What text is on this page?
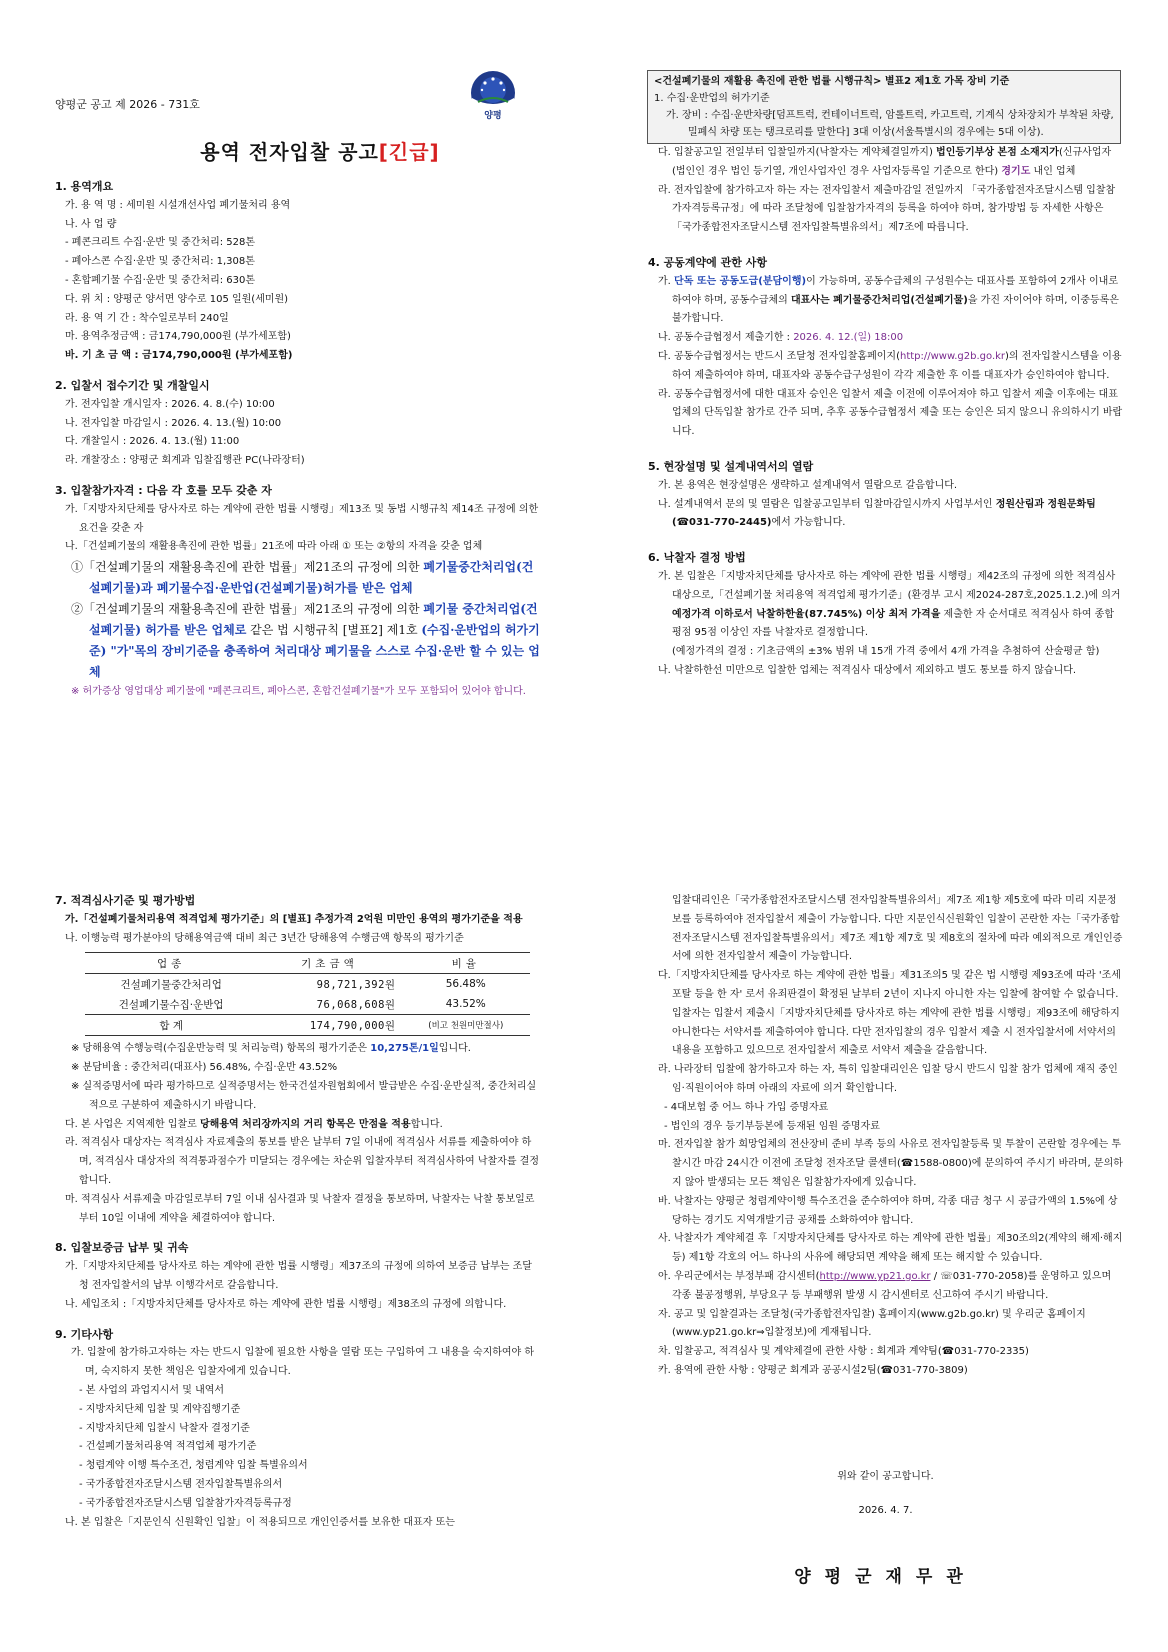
양평
양평군 공고 제 2026 - 731호
용역 전자입찰 공고[긴급]
1. 용역개요
가. 용 역 명 : 세미원 시설개선사업 폐기물처리 용역
나. 사 업 량
- 폐콘크리트 수집·운반 및 중간처리: 528톤
- 폐아스콘 수집·운반 및 중간처리: 1,308톤
- 혼합폐기물 수집·운반 및 중간처리: 630톤
다. 위 치 : 양평군 양서면 양수로 105 일원(세미원)
라. 용 역 기 간 : 착수일로부터 240일
마. 용역추정금액 : 금174,790,000원 (부가세포함)
바. 기 초 금 액 : 금174,790,000원 (부가세포함)
2. 입찰서 접수기간 및 개찰일시
가. 전자입찰 개시일자 : 2026. 4. 8.(수) 10:00
나. 전자입찰 마감일시 : 2026. 4. 13.(월) 10:00
다. 개찰일시 : 2026. 4. 13.(월) 11:00
라. 개찰장소 : 양평군 회계과 입찰집행관 PC(나라장터)
3. 입찰참가자격 : 다음 각 호를 모두 갖춘 자
가.「지방자치단체를 당사자로 하는 계약에 관한 법률 시행령」제13조 및 동법 시행규칙 제14조 규정에 의한 요건을 갖춘 자
나.「건설폐기물의 재활용촉진에 관한 법률」21조에 따라 아래 ① 또는 ②항의 자격을 갖춘 업체
①「건설폐기물의 재활용촉진에 관한 법률」제21조의 규정에 의한 폐기물중간처리업(건설폐기물)과 폐기물수집·운반업(건설폐기물)허가를 받은 업체
②「건설폐기물의 재활용촉진에 관한 법률」제21조의 규정에 의한 폐기물 중간처리업(건설폐기물) 허가를 받은 업체로 같은 법 시행규칙 [별표2] 제1호 (수집·운반업의 허가기준) "가"목의 장비기준을 충족하여 처리대상 폐기물을 스스로 수집·운반 할 수 있는 업체
※ 허가증상 영업대상 폐기물에 "폐콘크리트, 폐아스콘, 혼합건설폐기물"가 모두 포함되어 있어야 합니다.
<건설폐기물의 재활용 촉진에 관한 법률 시행규칙> 별표2 제1호 가목 장비 기준
1. 수집·운반업의 허가기준
가. 장비 : 수집·운반차량[덤프트럭, 컨테이너트럭, 암롤트럭, 카고트럭, 기계식 상차장치가 부착된 차량, 밀폐식 차량 또는 탱크로리를 말한다] 3대 이상(서울특별시의 경우에는 5대 이상).
다. 입찰공고일 전일부터 입찰일까지(낙찰자는 계약체결일까지) 법인등기부상 본점 소재지가(신규사업자(법인인 경우 법인 등기열, 개인사업자인 경우 사업자등록일 기준으로 한다) 경기도 내인 업체
라. 전자입찰에 참가하고자 하는 자는 전자입찰서 제출마감일 전일까지 「국가종합전자조달시스템 입찰참가자격등록규정」에 따라 조달청에 입찰참가자격의 등록을 하여야 하며, 참가방법 등 자세한 사항은 「국가종합전자조달시스템 전자입찰특별유의서」제7조에 따릅니다.
4. 공동계약에 관한 사항
가. 단독 또는 공동도급(분담이행)이 가능하며, 공동수급체의 구성원수는 대표사를 포함하여 2개사 이내로 하여야 하며, 공동수급체의 대표사는 폐기물중간처리업(건설폐기물)을 가진 자이어야 하며, 이중등록은 불가합니다.
나. 공동수급협정서 제출기한 : 2026. 4. 12.(일) 18:00
다. 공동수급협정서는 반드시 조달청 전자입찰홈페이지(http://www.g2b.go.kr)의 전자입찰시스템을 이용하여 제출하여야 하며, 대표자와 공동수급구성원이 각각 제출한 후 이를 대표자가 승인하여야 합니다.
라. 공동수급협정서에 대한 대표자 승인은 입찰서 제출 이전에 이루어져야 하고 입찰서 제출 이후에는 대표업체의 단독입찰 참가로 간주 되며, 추후 공동수급협정서 제출 또는 승인은 되지 않으니 유의하시기 바랍니다.
5. 현장설명 및 설계내역서의 열람
가. 본 용역은 현장설명은 생략하고 설계내역서 열람으로 갈음합니다.
나. 설계내역서 문의 및 열람은 입찰공고일부터 입찰마감일시까지 사업부서인 정원산림과 정원문화팀(☎031-770-2445)에서 가능합니다.
6. 낙찰자 결정 방법
가. 본 입찰은「지방자치단체를 당사자로 하는 계약에 관한 법률 시행령」제42조의 규정에 의한 적격심사 대상으로,「건설폐기물 처리용역 적격업체 평가기준」(환경부 고시 제2024-287호,2025.1.2.)에 의거 예정가격 이하로서 낙찰하한율(87.745%) 이상 최저 가격을 제출한 자 순서대로 적격심사 하여 종합평점 95점 이상인 자를 낙찰자로 결정합니다.
(예정가격의 결정 : 기초금액의 ±3% 범위 내 15개 가격 중에서 4개 가격을 추첨하여 산술평균 함)
나. 낙찰하한선 미만으로 입찰한 업체는 적격심사 대상에서 제외하고 별도 통보를 하지 않습니다.
7. 적격심사기준 및 평가방법
가.「건설폐기물처리용역 적격업체 평가기준」의 [별표] 추정가격 2억원 미만인 용역의 평가기준을 적용
나. 이행능력 평가분야의 당해용역금액 대비 최근 3년간 당해용역 수행금액 항목의 평가기준
업종	기초금액	비율
건설폐기물중간처리업	98,721,392원	56.48%
건설폐기물수집·운반업	76,068,608원	43.52%
합 계	174,790,000원	(비고 천원미만절사)
※ 당해용역 수행능력(수집운반능력 및 처리능력) 항목의 평가기준은 10,275톤/1일입니다.
※ 분담비율 : 중간처리(대표사) 56.48%, 수집·운반 43.52%
※ 실적증명서에 따라 평가하므로 실적증명서는 한국건설자원협회에서 발급받은 수집·운반실적, 중간처리실적으로 구분하여 제출하시기 바랍니다.
다. 본 사업은 지역제한 입찰로 당해용역 처리장까지의 거리 항목은 만점을 적용합니다.
라. 적격심사 대상자는 적격심사 자료제출의 통보를 받은 날부터 7일 이내에 적격심사 서류를 제출하여야 하며, 적격심사 대상자의 적격통과점수가 미달되는 경우에는 차순위 입찰자부터 적격심사하여 낙찰자를 결정합니다.
마. 적격심사 서류제출 마감일로부터 7일 이내 심사결과 및 낙찰자 결정을 통보하며, 낙찰자는 낙찰 통보일로부터 10일 이내에 계약을 체결하여야 합니다.
8. 입찰보증금 납부 및 귀속
가.「지방자치단체를 당사자로 하는 계약에 관한 법률 시행령」제37조의 규정에 의하여 보증금 납부는 조달청 전자입찰서의 납부 이행각서로 갈음합니다.
나. 세입조치 :「지방자치단체를 당사자로 하는 계약에 관한 법률 시행령」제38조의 규정에 의합니다.
9. 기타사항
가. 입찰에 참가하고자하는 자는 반드시 입찰에 필요한 사항을 열람 또는 구입하여 그 내용을 숙지하여야 하며, 숙지하지 못한 책임은 입찰자에게 있습니다.
- 본 사업의 과업지시서 및 내역서
- 지방자치단체 입찰 및 계약집행기준
- 지방자치단체 입찰시 낙찰자 결정기준
- 건설폐기물처리용역 적격업체 평가기준
- 청렴계약 이행 특수조건, 청렴계약 입찰 특별유의서
- 국가종합전자조달시스템 전자입찰특별유의서
- 국가종합전자조달시스템 입찰참가자격등록규정
나. 본 입찰은「지문인식 신원확인 입찰」이 적용되므로 개인인증서를 보유한 대표자 또는
입찰대리인은「국가종합전자조달시스템 전자입찰특별유의서」제7조 제1항 제5호에 따라 미리 지문정보를 등록하여야 전자입찰서 제출이 가능합니다. 다만 지문인식신원확인 입찰이 곤란한 자는「국가종합전자조달시스템 전자입찰특별유의서」제7조 제1항 제7호 및 제8호의 절차에 따라 예외적으로 개인인증서에 의한 전자입찰서 제출이 가능합니다.
다.「지방자치단체를 당사자로 하는 계약에 관한 법률」제31조의5 및 같은 법 시행령 제93조에 따라 '조세포탈 등을 한 자' 로서 유죄판결이 확정된 날부터 2년이 지나지 아니한 자는 입찰에 참여할 수 없습니다. 입찰자는 입찰서 제출시「지방자치단체를 당사자로 하는 계약에 관한 법률 시행령」제93조에 해당하지 아니한다는 서약서를 제출하여야 합니다. 다만 전자입찰의 경우 입찰서 제출 시 전자입찰서에 서약서의 내용을 포함하고 있으므로 전자입찰서 제출로 서약서 제출을 갈음합니다.
라. 나라장터 입찰에 참가하고자 하는 자, 특히 입찰대리인은 입찰 당시 반드시 입찰 참가 업체에 재직 중인 임·직원이어야 하며 아래의 자료에 의거 확인합니다.
- 4대보험 중 어느 하나 가입 증명자료
- 법인의 경우 등기부등본에 등재된 임원 증명자료
마. 전자입찰 참가 희망업체의 전산장비 준비 부족 등의 사유로 전자입찰등록 및 투찰이 곤란할 경우에는 투찰시간 마감 24시간 이전에 조달청 전자조달 콜센터(☎1588-0800)에 문의하여 주시기 바라며, 문의하지 않아 발생되는 모든 책임은 입찰참가자에게 있습니다.
바. 낙찰자는 양평군 청렴계약이행 특수조건을 준수하여야 하며, 각종 대금 청구 시 공급가액의 1.5%에 상당하는 경기도 지역개발기금 공채를 소화하여야 합니다.
사. 낙찰자가 계약체결 후「지방자치단체를 당사자로 하는 계약에 관한 법률」제30조의2(계약의 해제·해지 등) 제1항 각호의 어느 하나의 사유에 해당되면 계약을 해제 또는 해지할 수 있습니다.
아. 우리군에서는 부정부패 감시센터(http://www.yp21.go.kr / ☏031-770-2058)를 운영하고 있으며 각종 불공정행위, 부당요구 등 부패행위 발생 시 감시센터로 신고하여 주시기 바랍니다.
자. 공고 및 입찰결과는 조달청(국가종합전자입찰) 홈페이지(www.g2b.go.kr) 및 우리군 홈페이지(www.yp21.go.kr⇒입찰정보)에 게재됩니다.
차. 입찰공고, 적격심사 및 계약체결에 관한 사항 : 회계과 계약팀(☎031-770-2335)
카. 용역에 관한 사항 : 양평군 회계과 공공시설2팀(☎031-770-3809)
위와 같이 공고합니다.
2026. 4. 7.
양평군재무관
